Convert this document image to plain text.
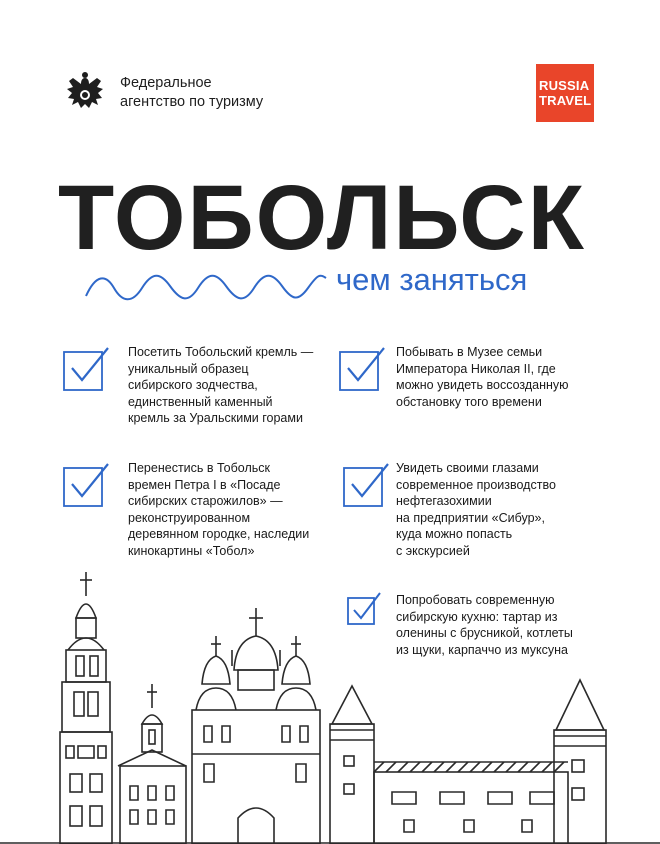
Федеральное
агентство по туризму
RUSSIA
TRAVEL
ТОБОЛЬСК
чем заняться
Посетить Тобольский кремль —
уникальный образец
сибирского зодчества,
единственный каменный
кремль за Уральскими горами
Побывать в Музее семьи
Императора Николая II, где
можно увидеть воссозданную
обстановку того времени
Перенестись в Тобольск
времен Петра I в «Посаде
сибирских старожилов» —
реконструированном
деревянном городке, наследии
кинокартины «Тобол»
Увидеть своими глазами
современное производство
нефтегазохимии
на предприятии «Сибур»,
куда можно попасть
с экскурсией
Попробовать современную
сибирскую кухню: тартар из
оленины с брусникой, котлеты
из щуки, карпаччо из муксуна
